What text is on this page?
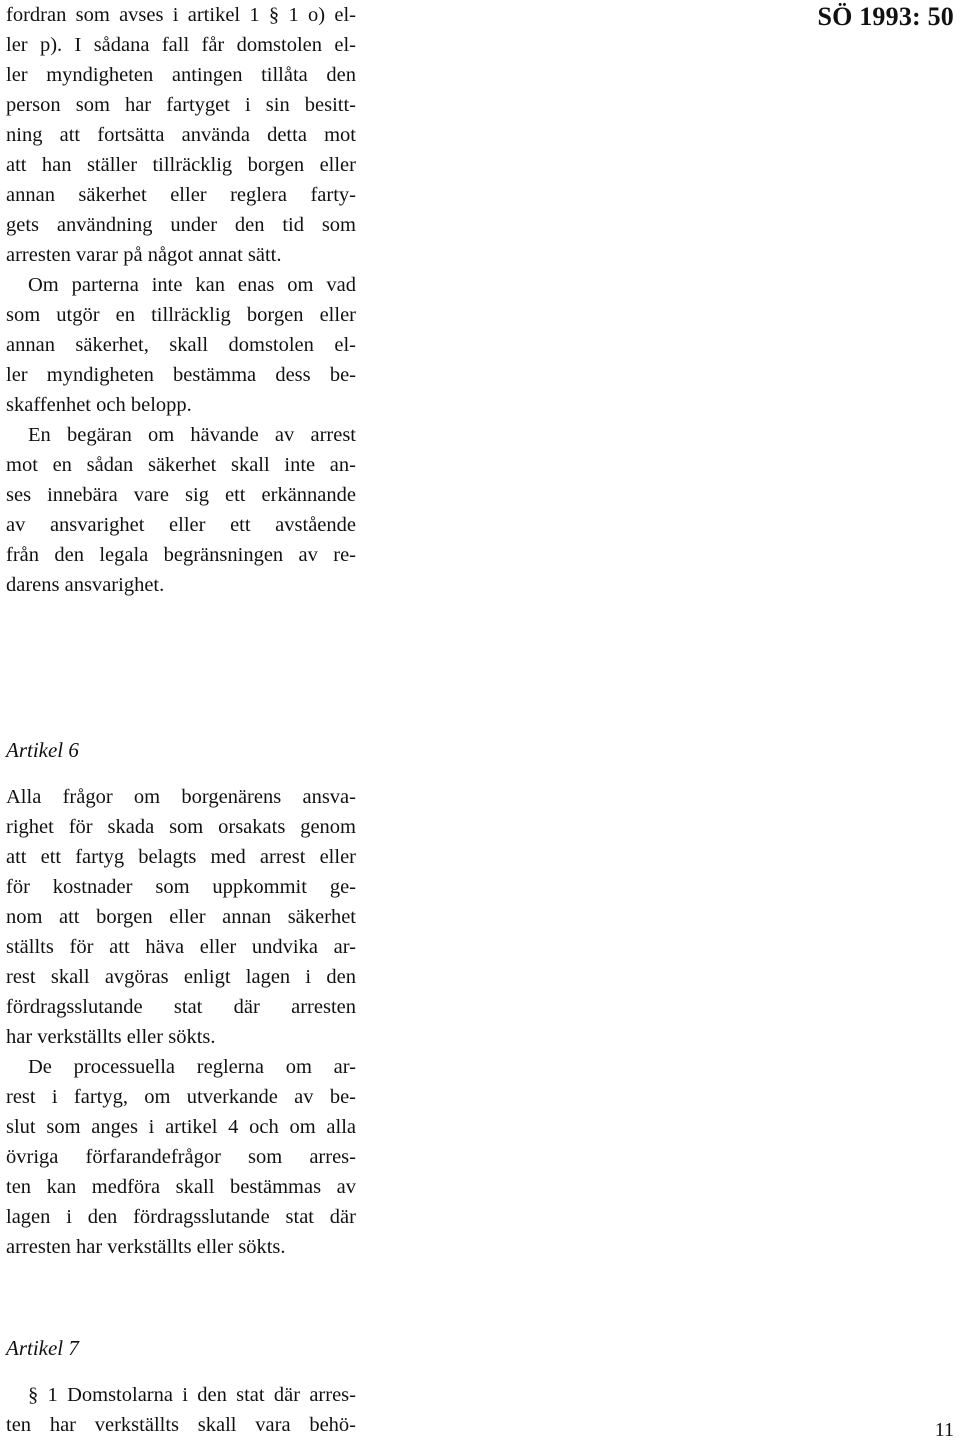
SÖ 1993: 50
fordran som avses i artikel 1 § 1 o) el-
ler p). I sådana fall får domstolen el-
ler myndigheten antingen tillåta den
person som har fartyget i sin besitt-
ning att fortsätta använda detta mot
att han ställer tillräcklig borgen eller
annan säkerhet eller reglera farty-
gets användning under den tid som
arresten varar på något annat sätt.
Om parterna inte kan enas om vad
som utgör en tillräcklig borgen eller
annan säkerhet, skall domstolen el-
ler myndigheten bestämma dess be-
skaffenhet och belopp.
En begäran om hävande av arrest
mot en sådan säkerhet skall inte an-
ses innebära vare sig ett erkännande
av ansvarighet eller ett avstående
från den legala begränsningen av re-
darens ansvarighet.
Artikel 6
Alla frågor om borgenärens ansva-
righet för skada som orsakats genom
att ett fartyg belagts med arrest eller
för kostnader som uppkommit ge-
nom att borgen eller annan säkerhet
ställts för att häva eller undvika ar-
rest skall avgöras enligt lagen i den
fördragsslutande stat där arresten
har verkställts eller sökts.
De processuella reglerna om ar-
rest i fartyg, om utverkande av be-
slut som anges i artikel 4 och om alla
övriga förfarandefrågor som arres-
ten kan medföra skall bestämmas av
lagen i den fördragsslutande stat där
arresten har verkställts eller sökts.
Artikel 7
§ 1 Domstolarna i den stat där arres-
ten har verkställts skall vara behö-	11
